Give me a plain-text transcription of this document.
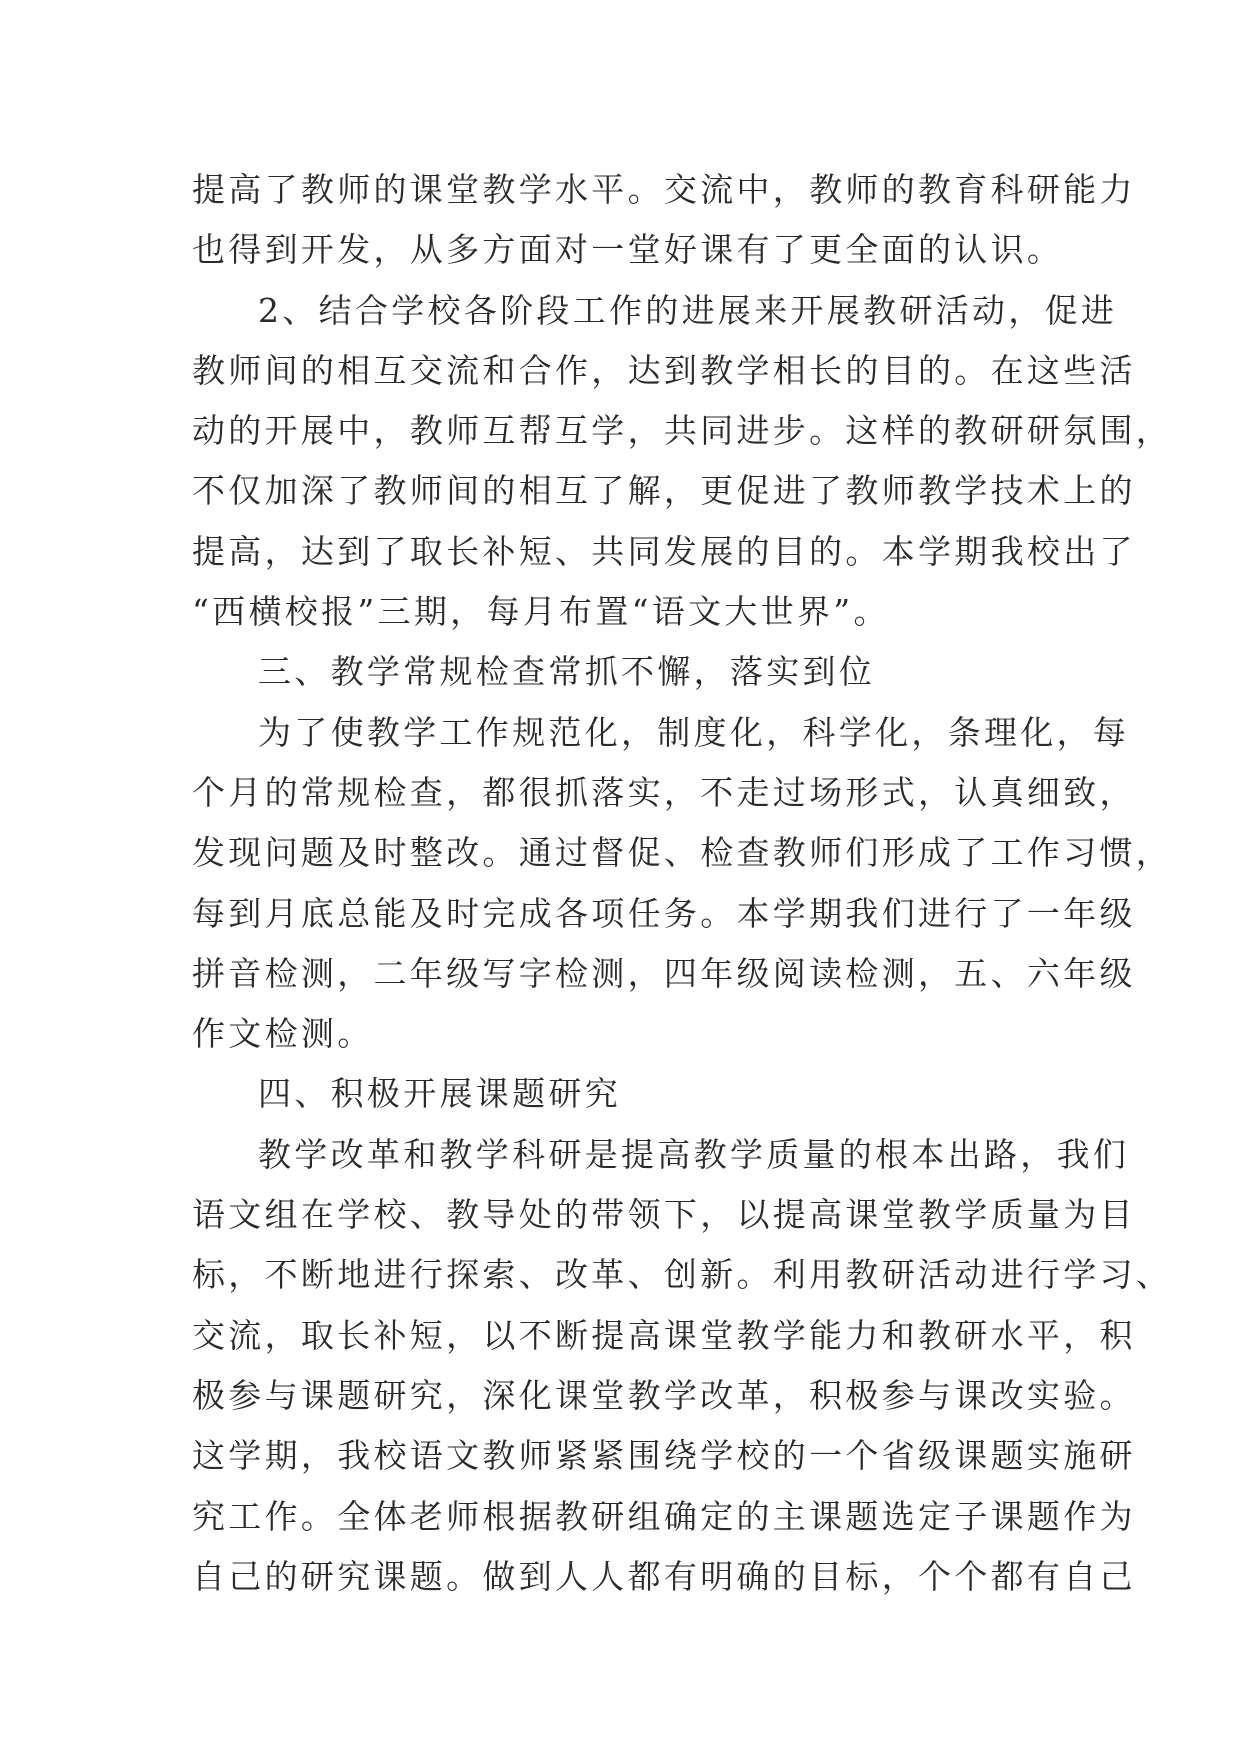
提高了教师的课堂教学水平。交流中，教师的教育科研能力
也得到开发，从多方面对一堂好课有了更全面的认识。
2、结合学校各阶段工作的进展来开展教研活动，促进
教师间的相互交流和合作，达到教学相长的目的。在这些活
动的开展中，教师互帮互学，共同进步。这样的教研研氛围，
不仅加深了教师间的相互了解，更促进了教师教学技术上的
提高，达到了取长补短、共同发展的目的。本学期我校出了
“西横校报”三期，每月布置“语文大世界”。
三、教学常规检查常抓不懈，落实到位
为了使教学工作规范化，制度化，科学化，条理化，每
个月的常规检查，都很抓落实，不走过场形式，认真细致，
发现问题及时整改。通过督促、检查教师们形成了工作习惯，
每到月底总能及时完成各项任务。本学期我们进行了一年级
拼音检测，二年级写字检测，四年级阅读检测，五、六年级
作文检测。
四、积极开展课题研究
教学改革和教学科研是提高教学质量的根本出路，我们
语文组在学校、教导处的带领下，以提高课堂教学质量为目
标，不断地进行探索、改革、创新。利用教研活动进行学习、
交流，取长补短，以不断提高课堂教学能力和教研水平，积
极参与课题研究，深化课堂教学改革，积极参与课改实验。
这学期，我校语文教师紧紧围绕学校的一个省级课题实施研
究工作。全体老师根据教研组确定的主课题选定子课题作为
自己的研究课题。做到人人都有明确的目标，个个都有自己
